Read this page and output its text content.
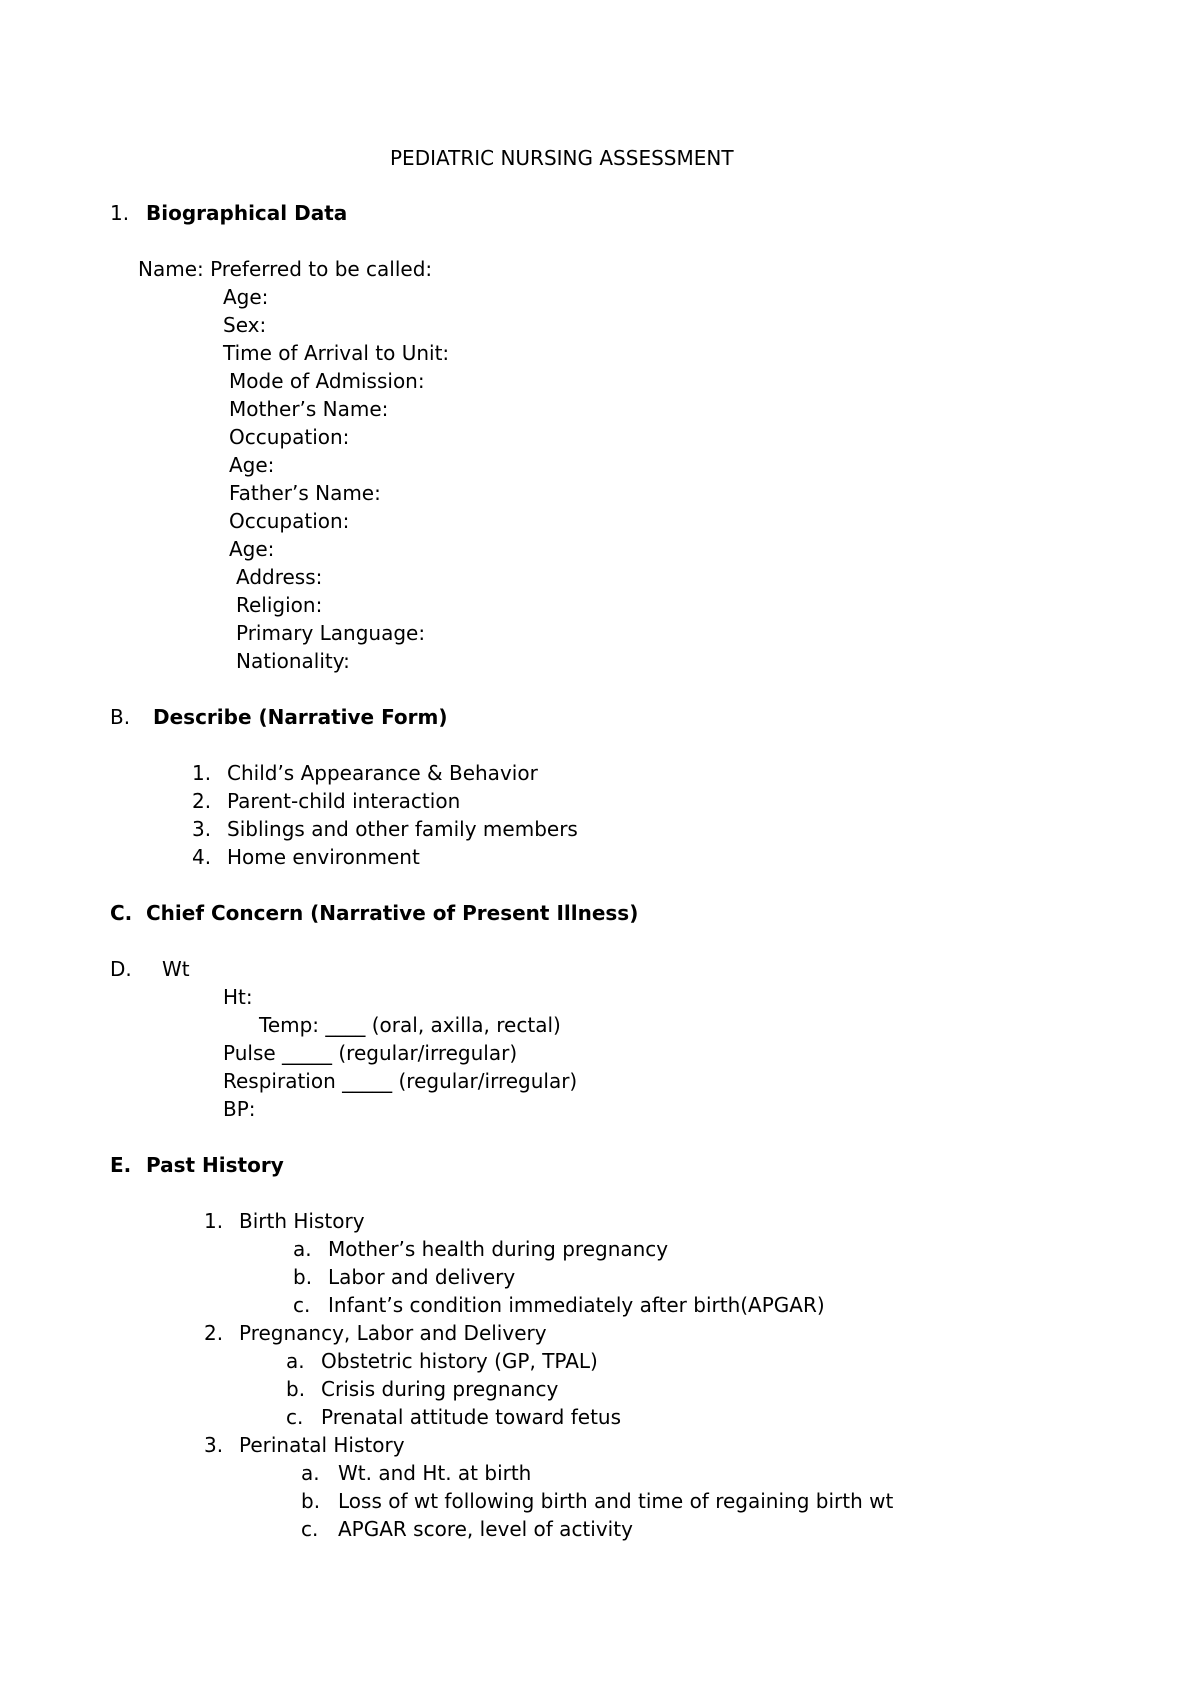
PEDIATRIC NURSING ASSESSMENT
1. Biographical Data
Name: Preferred to be called:
Age:
Sex:
Time of Arrival to Unit:
Mode of Admission:
Mother’s Name:
Occupation:
Age:
Father’s Name:
Occupation:
Age:
Address:
Religion:
Primary Language:
Nationality:
B. Describe (Narrative Form)
1. Child’s Appearance & Behavior
2. Parent-child interaction
3. Siblings and other family members
4. Home environment
C. Chief Concern (Narrative of Present Illness)
D. Wt
Ht:
Temp: ____ (oral, axilla, rectal)
Pulse _____ (regular/irregular)
Respiration _____ (regular/irregular)
BP:
E. Past History
1. Birth History
a. Mother’s health during pregnancy
b. Labor and delivery
c. Infant’s condition immediately after birth(APGAR)
2. Pregnancy, Labor and Delivery
a. Obstetric history (GP, TPAL)
b. Crisis during pregnancy
c. Prenatal attitude toward fetus
3. Perinatal History
a. Wt. and Ht. at birth
b. Loss of wt following birth and time of regaining birth wt
c. APGAR score, level of activity
